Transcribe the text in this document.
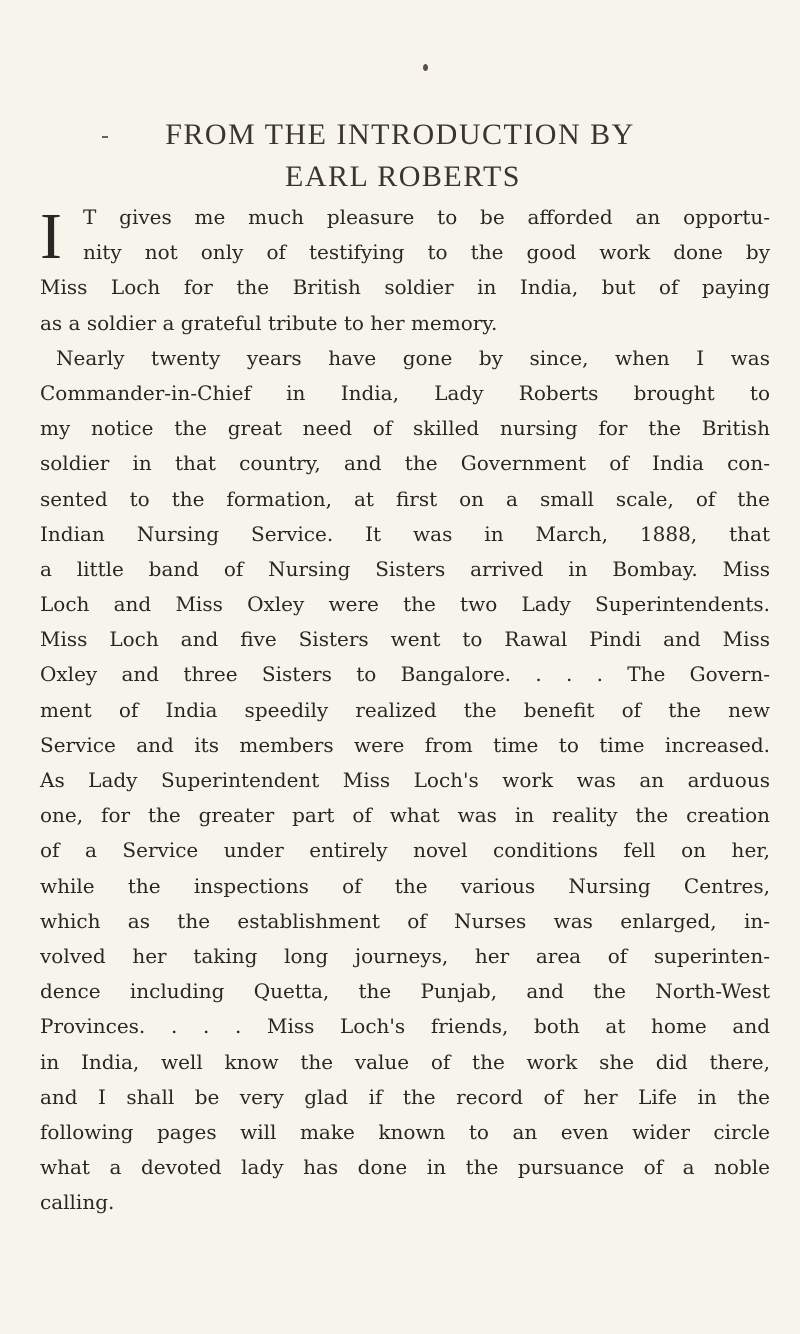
FROM THE INTRODUCTION BY
EARL ROBERTS
I	T gives me much pleasure to be afforded an opportu-
nity not only of testifying to the good work done by
Miss Loch for the British soldier in India, but of paying
as a soldier a grateful tribute to her memory.
Nearly twenty years have gone by since, when I was
Commander-in-Chief in India, Lady Roberts brought to
my notice the great need of skilled nursing for the British
soldier in that country, and the Government of India con-
sented to the formation, at first on a small scale, of the
Indian Nursing Service. It was in March, 1888, that
a little band of Nursing Sisters arrived in Bombay. Miss
Loch and Miss Oxley were the two Lady Superintendents.
Miss Loch and five Sisters went to Rawal Pindi and Miss
Oxley and three Sisters to Bangalore. . . . The Govern-
ment of India speedily realized the benefit of the new
Service and its members were from time to time increased.
As Lady Superintendent Miss Loch's work was an arduous
one, for the greater part of what was in reality the creation
of a Service under entirely novel conditions fell on her,
while the inspections of the various Nursing Centres,
which as the establishment of Nurses was enlarged, in-
volved her taking long journeys, her area of superinten-
dence including Quetta, the Punjab, and the North-West
Provinces. . . . Miss Loch's friends, both at home and
in India, well know the value of the work she did there,
and I shall be very glad if the record of her Life in the
following pages will make known to an even wider circle
what a devoted lady has done in the pursuance of a noble
calling.
